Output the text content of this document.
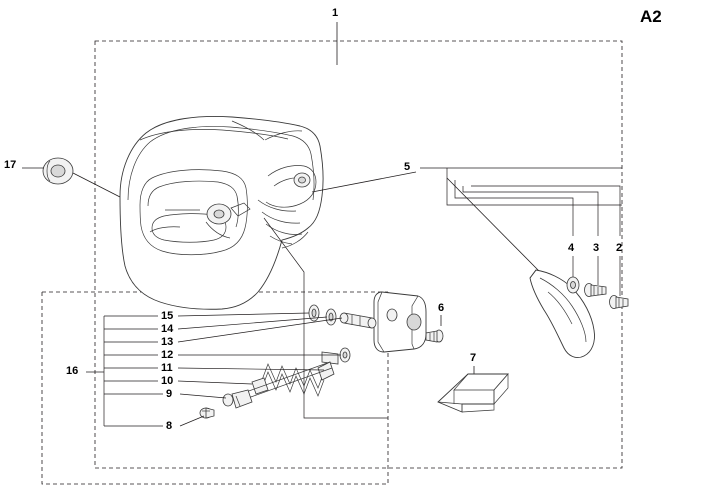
A2
1
17	5
4 3 2
6
15
14
13
12
11
10
9
8
16
7
